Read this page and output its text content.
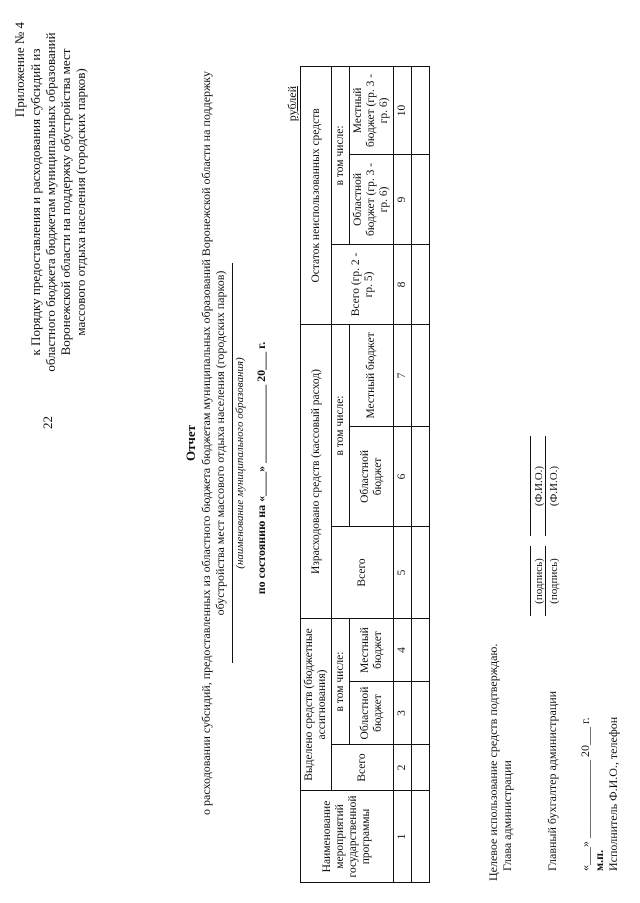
22
Приложение № 4 к Порядку предоставления и расходования субсидий из областного бюджета бюджетам муниципальных образований Воронежской области на поддержку обустройства мест массового отдыха населения (городских парков)
Отчет о расходовании субсидий, предоставленных из областного бюджета бюджетам муниципальных образований Воронежской области на поддержку обустройства мест массового отдыха населения (городских парков) (наименование муниципального образования) по состоянию на «____» _____________ 20___ г.
рублей
Наименование мероприятий государственной программы	Выделено средств (бюджетные ассигнования)			Израсходовано средств (кассовый расход)			Остаток неиспользованных средств		
	Всего	в том числе:		Всего	в том числе:		Всего (гр. 2 - гр. 5)	в том числе:	
		Областной бюджет	Местный бюджет		Областной бюджет	Местный бюджет		Областной бюджет (гр. 3 - гр. 6)	Местный бюджет (гр. 3 - гр. 6)
1	2	3	4	5	6	7	8	9	10

Целевое использование средств подтверждаю. Глава администрации
(подпись)
(Ф.И.О.)
Главный бухгалтер администрации
(подпись)
(Ф.И.О.)
«___» _____________ 20___ г. м.п. Исполнитель Ф.И.О., телефон
